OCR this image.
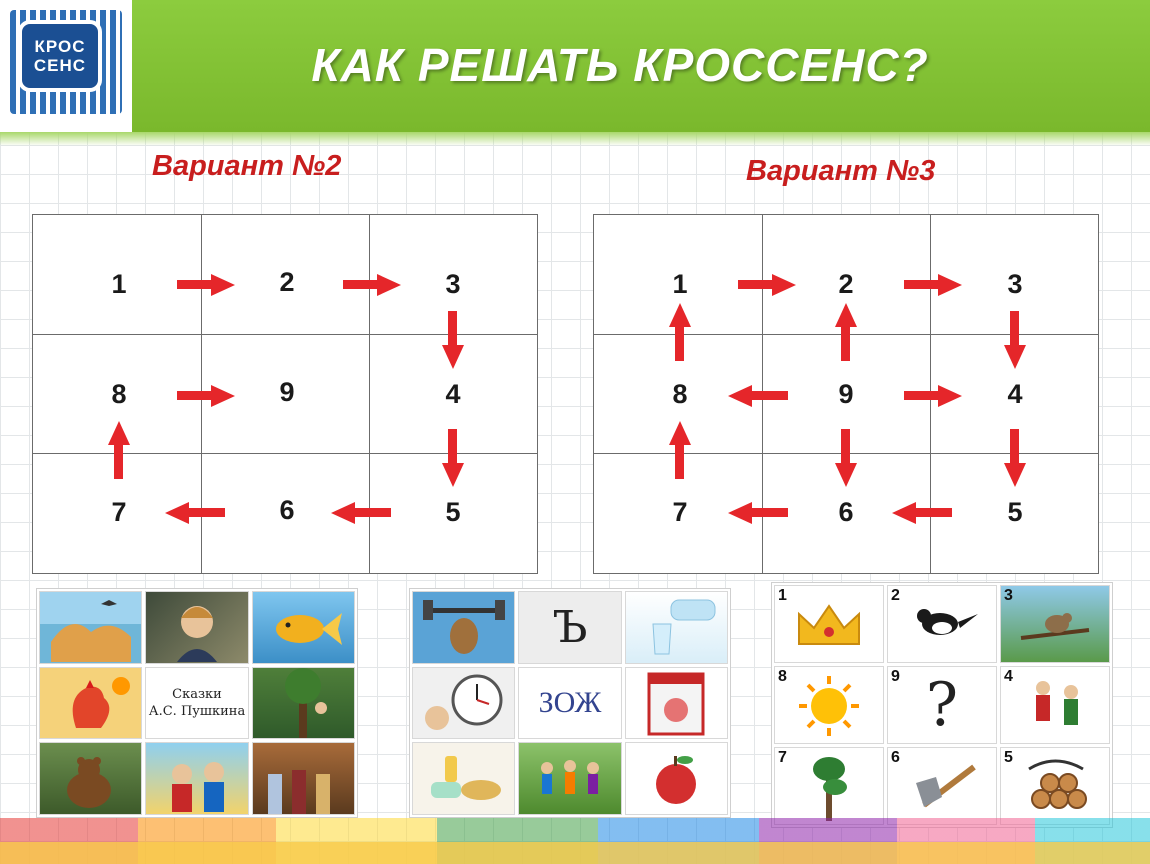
КРОС
СЕНС	КАК РЕШАТЬ КРОССЕНС?
Вариант №2	Вариант №3
1	2	3
8	9	4
7	6	5
1	2	3
8	9	4
7	6	5
Сказки
А.С. Пушкина
Ъ
ЗОЖ
1	2	3
8	9 ?	4
7	6	5
